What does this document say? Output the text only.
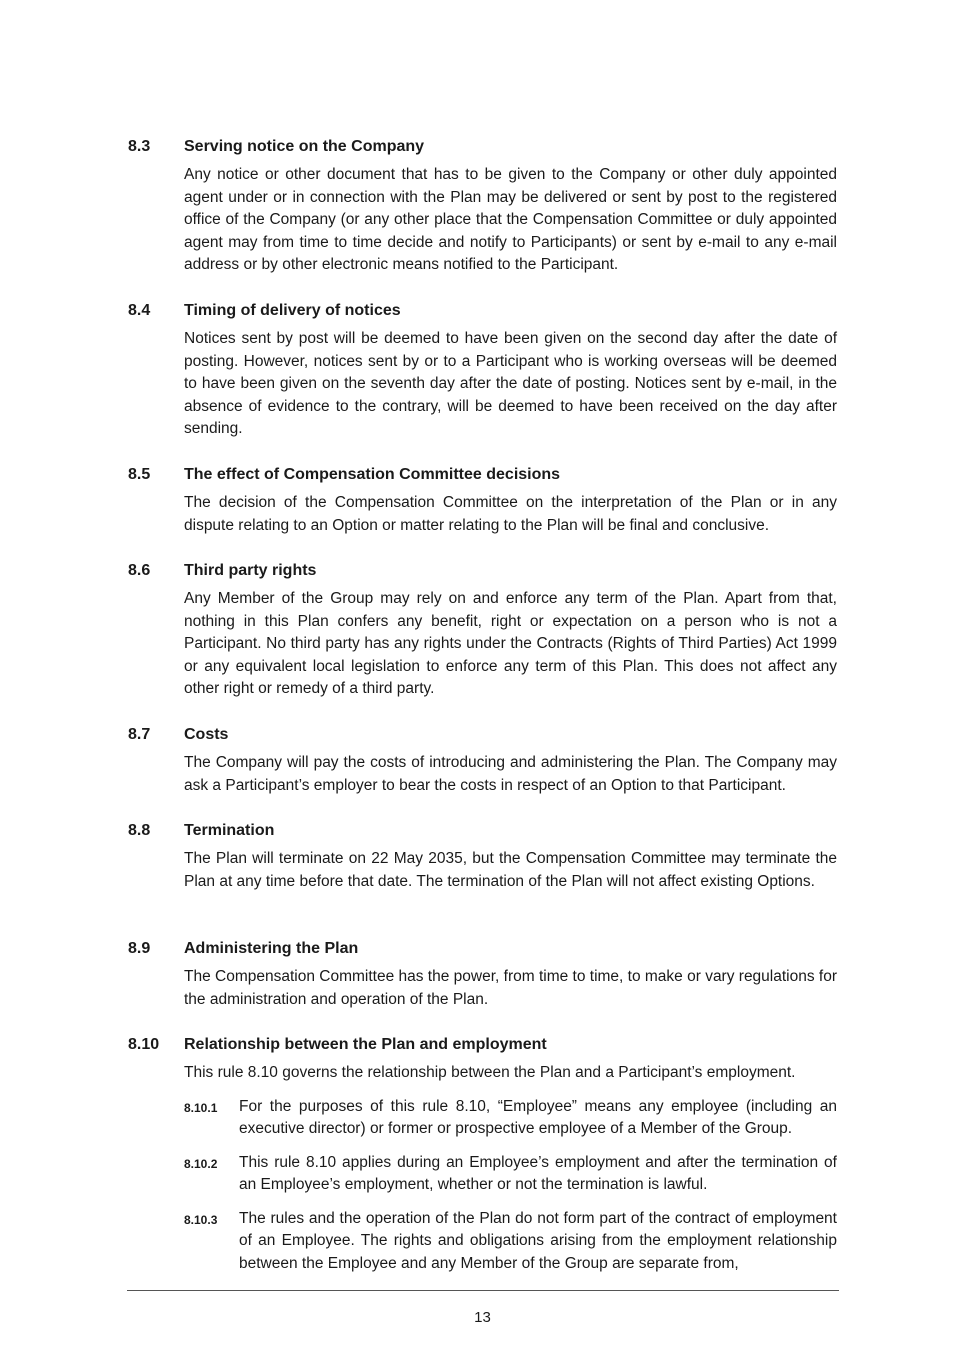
8.3 Serving notice on the Company
Any notice or other document that has to be given to the Company or other duly appointed agent under or in connection with the Plan may be delivered or sent by post to the registered office of the Company (or any other place that the Compensation Committee or duly appointed agent may from time to time decide and notify to Participants) or sent by e-mail to any e-mail address or by other electronic means notified to the Participant.
8.4 Timing of delivery of notices
Notices sent by post will be deemed to have been given on the second day after the date of posting. However, notices sent by or to a Participant who is working overseas will be deemed to have been given on the seventh day after the date of posting. Notices sent by e-mail, in the absence of evidence to the contrary, will be deemed to have been received on the day after sending.
8.5 The effect of Compensation Committee decisions
The decision of the Compensation Committee on the interpretation of the Plan or in any dispute relating to an Option or matter relating to the Plan will be final and conclusive.
8.6 Third party rights
Any Member of the Group may rely on and enforce any term of the Plan. Apart from that, nothing in this Plan confers any benefit, right or expectation on a person who is not a Participant. No third party has any rights under the Contracts (Rights of Third Parties) Act 1999 or any equivalent local legislation to enforce any term of this Plan. This does not affect any other right or remedy of a third party.
8.7 Costs
The Company will pay the costs of introducing and administering the Plan. The Company may ask a Participant’s employer to bear the costs in respect of an Option to that Participant.
8.8 Termination
The Plan will terminate on 22 May 2035, but the Compensation Committee may terminate the Plan at any time before that date. The termination of the Plan will not affect existing Options.
8.9 Administering the Plan
The Compensation Committee has the power, from time to time, to make or vary regulations for the administration and operation of the Plan.
8.10 Relationship between the Plan and employment
This rule 8.10 governs the relationship between the Plan and a Participant’s employment.
8.10.1 For the purposes of this rule 8.10, “Employee” means any employee (including an executive director) or former or prospective employee of a Member of the Group.
8.10.2 This rule 8.10 applies during an Employee’s employment and after the termination of an Employee’s employment, whether or not the termination is lawful.
8.10.3 The rules and the operation of the Plan do not form part of the contract of employment of an Employee. The rights and obligations arising from the employment relationship between the Employee and any Member of the Group are separate from,
13
